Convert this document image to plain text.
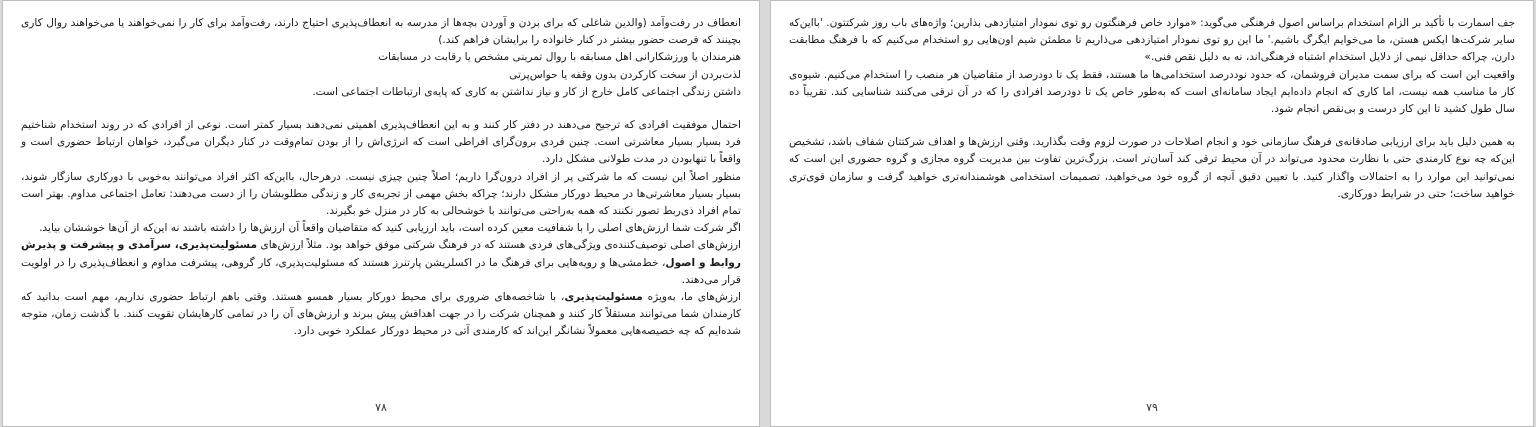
انعطاف در رفت‌وآمد (والدین شاغلی که برای بردن و آوردن بچه‌ها از مدرسه به انعطاف‌پذیری احتیاج دارند، رفت‌وآمد برای کار را نمی‌خواهند یا می‌خواهند روال کاری بچینند که فرصت حضور بیشتر در کنار خانواده را برایشان فراهم کند.)

هنرمندان یا ورزشکارانی اهل مسابقه با روال تمرینی مشخص یا رقابت در مسابقات

لذت‌بردن از سخت کارکردن بدون وقفه یا حواس‌پرتی

داشتن زندگی اجتماعی کامل خارج از کار و نیاز نداشتن به کاری که پایه‌ی ارتباطات اجتماعی است.

احتمال موفقیت افرادی که ترجیح می‌دهند در دفتر کار کنند و به این انعطاف‌پذیری اهمیتی نمی‌دهند بسیار کمتر است. نوعی از افرادی که در روند استخدام شناختیم فرد بسیار بسیار معاشرتی است. چنین فردی برون‌گرای افراطی است که انرژی‌اش را از بودن تمام‌وقت در کنار دیگران می‌گیرد، خواهان ارتباط حضوری است و واقعاً با تنهابودن در مدت طولانی مشکل دارد.

منظور اصلاً این نیست که ما شرکتی پر از افراد درون‌گرا داریم؛ اصلاً چنین چیزی نیست. درهرحال، بااین‌که اکثر افراد می‌توانند به‌خوبی با دورکاری سازگار شوند، بسیار بسیار معاشرتی‌ها در محیط دورکار مشکل دارند؛ چراکه بخش مهمی از تجربه‌ی کار و زندگی مطلوبشان را از دست می‌دهند: تعامل اجتماعی مداوم. بهتر است تمام افراد ذی‌ربط تصور نکنند که همه به‌راحتی می‌توانند با خوشحالی به کار در منزل خو بگیرند.

اگر شرکت شما ارزش‌های اصلی را با شفافیت معین کرده است، باید ارزیابی کنید که متقاضیان واقعاً آن ارزش‌ها را داشته باشند نه این‌که از آن‌ها خوششان بیاید.

ارزش‌های اصلی توصیف‌کننده‌ی ویژگی‌های فردی هستند که در فرهنگ شرکتی موفق خواهد بود. مثلاً ارزش‌های مسئولیت‌پذیری، سرآمدی و پیشرفت و پذیرش روابط و اصول، خط‌مشی‌ها و رویه‌هایی برای فرهنگ ما در اکسلریشن پارتنرز هستند که مسئولیت‌پذیری، کار گروهی، پیشرفت مداوم و انعطاف‌پذیری را در اولویت قرار می‌دهند.

ارزش‌های ما، به‌ویژه مسئولیت‌پذیری، با شاخصه‌های ضروری برای محیط دورکار بسیار همسو هستند. وقتی باهم ارتباط حضوری نداریم، مهم است بدانید که کارمندان شما می‌توانند مستقلاً کار کنند و همچنان شرکت را در جهت اهدافش پیش ببرند و ارزش‌های آن را در تمامی کارهایشان تقویت کنند. با گذشت زمان، متوجه شده‌ایم که چه خصیصه‌هایی معمولاً نشانگر این‌اند که کارمندی آتی در محیط دورکار عملکرد خوبی دارد.

۷۸

جف اسمارت با تأکید بر الزام استخدام براساس اصول فرهنگی می‌گوید: «موارد خاص فرهنگتون رو توی نمودار امتیازدهی بذارین؛ واژه‌های باب روز شرکتتون. 'بااین‌که سایر شرکت‌ها ایکس هستن، ما می‌خوایم ایگرگ باشیم.' ما این رو توی نمودار امتیازدهی می‌ذاریم تا مطمئن شیم اون‌هایی رو استخدام می‌کنیم که با فرهنگ مطابقت دارن، چراکه حداقل نیمی از دلایل استخدام اشتباه فرهنگی‌اند، نه به دلیل نقص فنی.»

واقعیت این است که برای سمت مدیران فروشمان، که حدود نوددرصد استخدامی‌ها ما هستند، فقط یک تا دودرصد از متقاضیان هر منصب را استخدام می‌کنیم. شیوه‌ی کار ما مناسب همه نیست، اما کاری که انجام داده‌ایم ایجاد سامانه‌ای است که به‌طور خاص یک تا دودرصد افرادی را که در آن ترقی می‌کنند شناسایی کند. تقریباً ده سال طول کشید تا این کار درست و بی‌نقص انجام شود.

به همین دلیل باید برای ارزیابی صادقانه‌ی فرهنگ سازمانی خود و انجام اصلاحات در صورت لزوم وقت بگذارید. وقتی ارزش‌ها و اهداف شرکتتان شفاف باشد، تشخیص این‌که چه نوع کارمندی حتی با نظارت محدود می‌تواند در آن محیط ترقی کند آسان‌تر است. بزرگ‌ترین تفاوت بین مدیریت گروه مجازی و گروه حضوری این است که نمی‌توانید این موارد را به احتمالات واگذار کنید. با تعیین دقیق آنچه از گروه خود می‌خواهید، تصمیمات استخدامی هوشمندانه‌تری خواهید گرفت و سازمان قوی‌تری خواهید ساخت؛ حتی در شرایط دورکاری.

۷۹
